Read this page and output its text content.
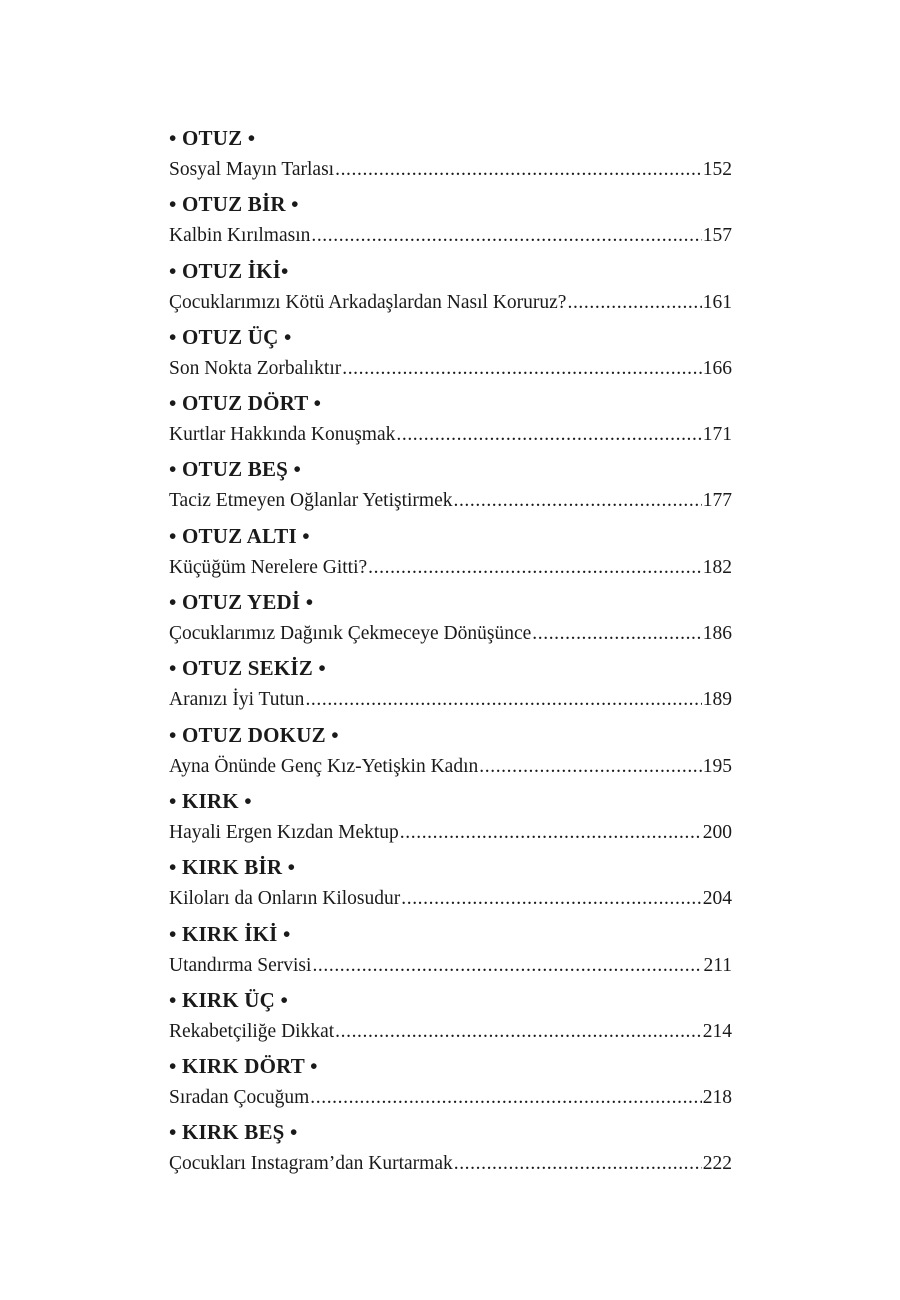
• OTUZ •
Sosyal Mayın Tarlası .....	152
• OTUZ BİR •
Kalbin Kırılmasın .....	157
• OTUZ İKİ•
Çocuklarımızı Kötü Arkadaşlardan Nasıl Koruruz? .....	161
• OTUZ ÜÇ •
Son Nokta Zorbalıktır .....	166
• OTUZ DÖRT •
Kurtlar Hakkında Konuşmak .....	171
• OTUZ BEŞ •
Taciz Etmeyen Oğlanlar Yetiştirmek .....	177
• OTUZ ALTI •
Küçüğüm Nerelere Gitti? .....	182
• OTUZ YEDİ •
Çocuklarımız Dağınık Çekmeceye Dönüşünce .....	186
• OTUZ SEKİZ •
Aranızı İyi Tutun .....	189
• OTUZ DOKUZ •
Ayna Önünde Genç Kız-Yetişkin Kadın .....	195
• KIRK •
Hayali Ergen Kızdan Mektup .....	200
• KIRK BİR •
Kiloları da Onların Kilosudur .....	204
• KIRK İKİ •
Utandırma Servisi .....	211
• KIRK ÜÇ •
Rekabetçiliğe Dikkat .....	214
• KIRK DÖRT •
Sıradan Çocuğum .....	218
• KIRK BEŞ •
Çocukları Instagram’dan Kurtarmak .....	222
